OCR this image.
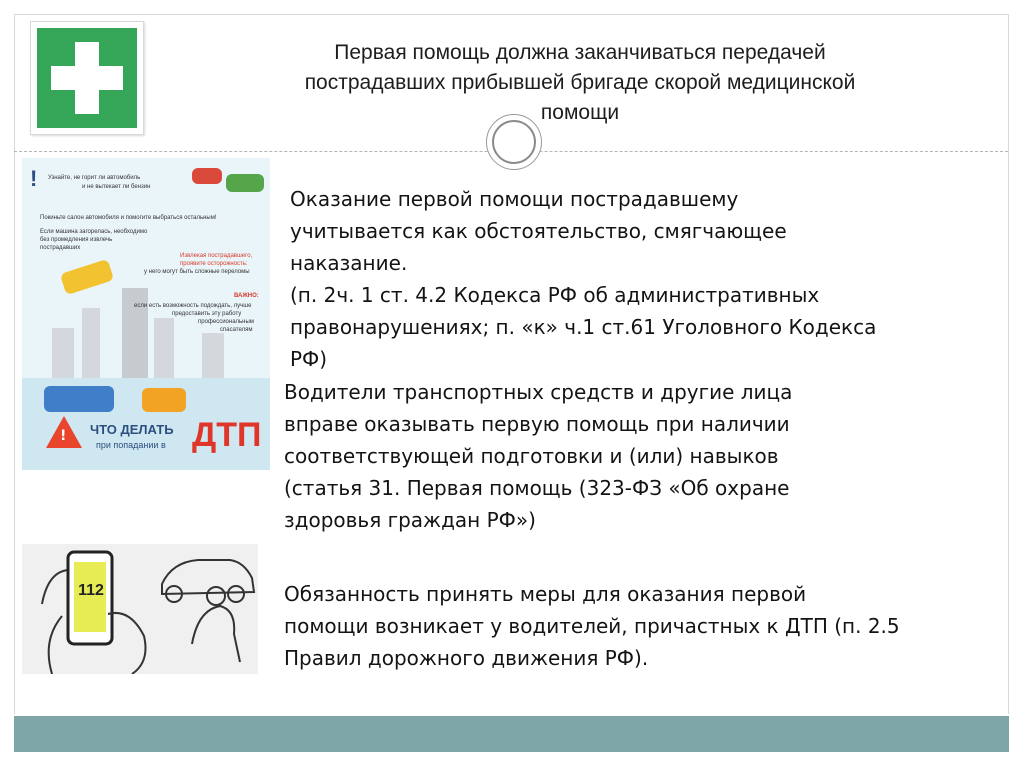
Первая помощь должна заканчиваться передачей
пострадавших прибывшей бригаде скорой медицинской
помощи
! Узнайте, не горит ли автомобиль
и не вытекает ли бензин
Покиньте салон автомобиля и помогите выбраться остальным!
Если машина загорелась, необходимо
без промедления извлечь
пострадавших
Извлекая пострадавшего,
проявите осторожность:
у него могут быть сложные переломы
ВАЖНО:
если есть возможность подождать, лучше
предоставить эту работу
профессиональным
спасателям
! ЧТО ДЕЛАТЬ
при попадании в ДТП
112
Оказание первой помощи пострадавшему
учитывается как обстоятельство, смягчающее
наказание.
(п. 2ч. 1 ст. 4.2 Кодекса РФ об административных
правонарушениях; п. «к» ч.1 ст.61 Уголовного Кодекса
РФ)
Водители транспортных средств и другие лица
вправе оказывать первую помощь при наличии
соответствующей подготовки и (или) навыков
(статья 31. Первая помощь (323-ФЗ «Об охране
здоровья граждан РФ»)
Обязанность принять меры для оказания первой
помощи возникает у водителей, причастных к ДТП (п. 2.5
Правил дорожного движения РФ).
